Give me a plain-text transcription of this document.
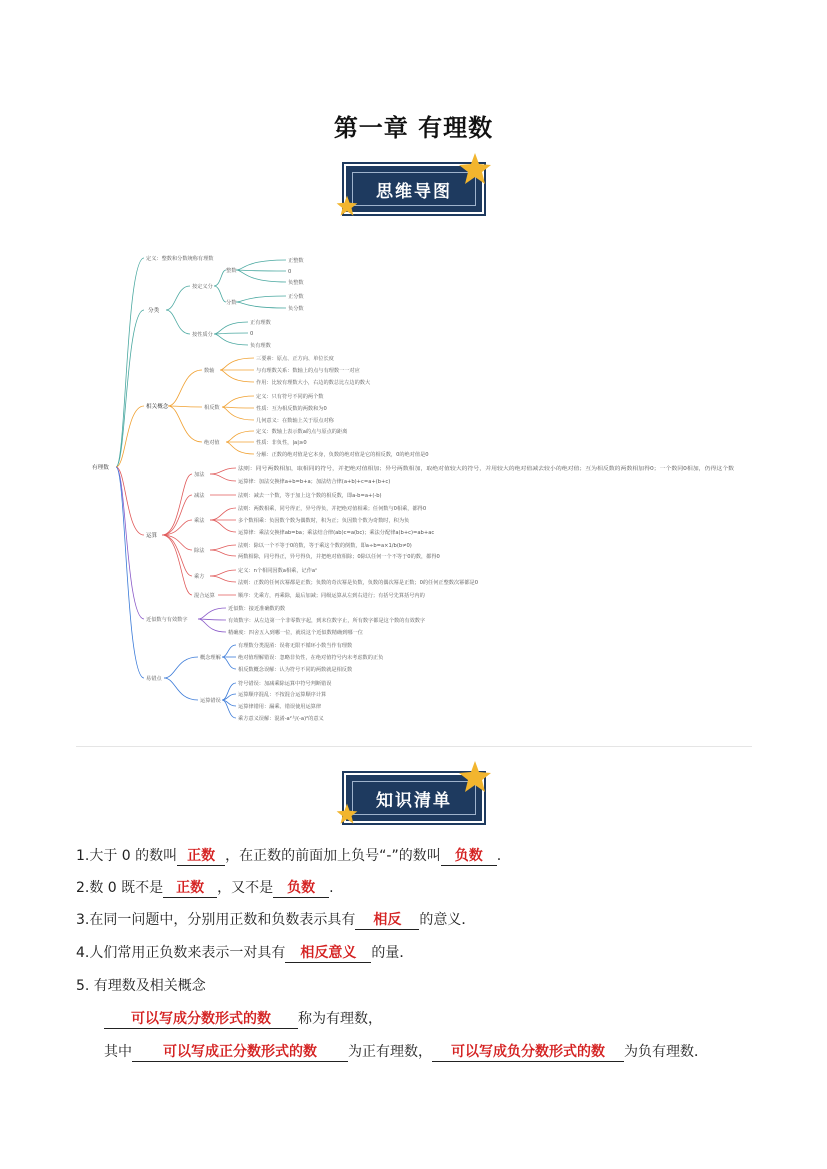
第一章 有理数
思维导图
有理数
定义：整数和分数统称有理数
分类
按定义分
整数
正整数
0
负整数
分数
正分数
负分数
按性质分
正有理数
0
负有理数
相关概念
数轴
三要素：原点、正方向、单位长度
与有理数关系：数轴上的点与有理数一一对应
作用：比较有理数大小，右边的数总比左边的数大
相反数
定义：只有符号不同的两个数
性质：互为相反数的两数和为0
几何意义：在数轴上关于原点对称
绝对值
定义：数轴上表示数a的点与原点的距离
性质：非负性，|a|≥0
分解：正数的绝对值是它本身，负数的绝对值是它的相反数，0的绝对值是0
运算
加法
法则：同号两数相加，取相同的符号，并把绝对值相加；异号两数相加，取绝对值较大的符号，并用较大的绝对值减去较小的绝对值；互为相反数的两数相加得0；一个数同0相加，仍得这个数
运算律：加法交换律a+b=b+a；加法结合律(a+b)+c=a+(b+c)
减法	法则：减去一个数，等于加上这个数的相反数，即a-b=a+(-b)
乘法
法则：两数相乘，同号得正，异号得负，并把绝对值相乘；任何数与0相乘，都得0
多个数相乘：负因数个数为偶数时，积为正；负因数个数为奇数时，积为负
运算律：乘法交换律ab=ba；乘法结合律(ab)c=a(bc)；乘法分配律a(b+c)=ab+ac
除法
法则：除以一个不等于0的数，等于乘这个数的倒数，即a÷b=a×1/b(b≠0)
两数相除，同号得正，异号得负，并把绝对值相除；0除以任何一个不等于0的数，都得0
乘方
定义：n个相同因数a相乘，记作aⁿ
法则：正数的任何次幂都是正数；负数的奇次幂是负数，负数的偶次幂是正数；0的任何正整数次幂都是0
混合运算	顺序：先乘方，再乘除，最后加减；同级运算从左到右进行；有括号先算括号内的
近似数与有效数字
近似数：接近准确数的数
有效数字：从左边第一个非零数字起，到末位数字止，所有数字都是这个数的有效数字
精确度：四舍五入到哪一位，就说这个近似数精确到哪一位
易错点
概念理解
有理数分类混淆：误将无限不循环小数当作有理数
绝对值理解错误：忽略非负性，在绝对值符号内未考虑数的正负
相反数概念误解：认为符号不同的两数就是相反数
运算错误
符号错误：加减乘除运算中符号判断错误
运算顺序混乱：不按混合运算顺序计算
运算律错用：漏乘、错误使用运算律
乘方意义误解：混淆-a²与(-a)²的意义
知识清单
1.大于 0 的数叫 正数 ，在正数的前面加上负号“-”的数叫 负数 .
2.数 0 既不是 正数 ，又不是 负数 .
3.在同一问题中，分别用正数和负数表示具有 相反 的意义．
4.人们常用正负数来表示一对具有 相反意义 的量．
5. 有理数及相关概念
可以写成分数形式的数 称为有理数，
其中 可以写成正分数形式的数 为正有理数， 可以写成负分数形式的数 为负有理数．
